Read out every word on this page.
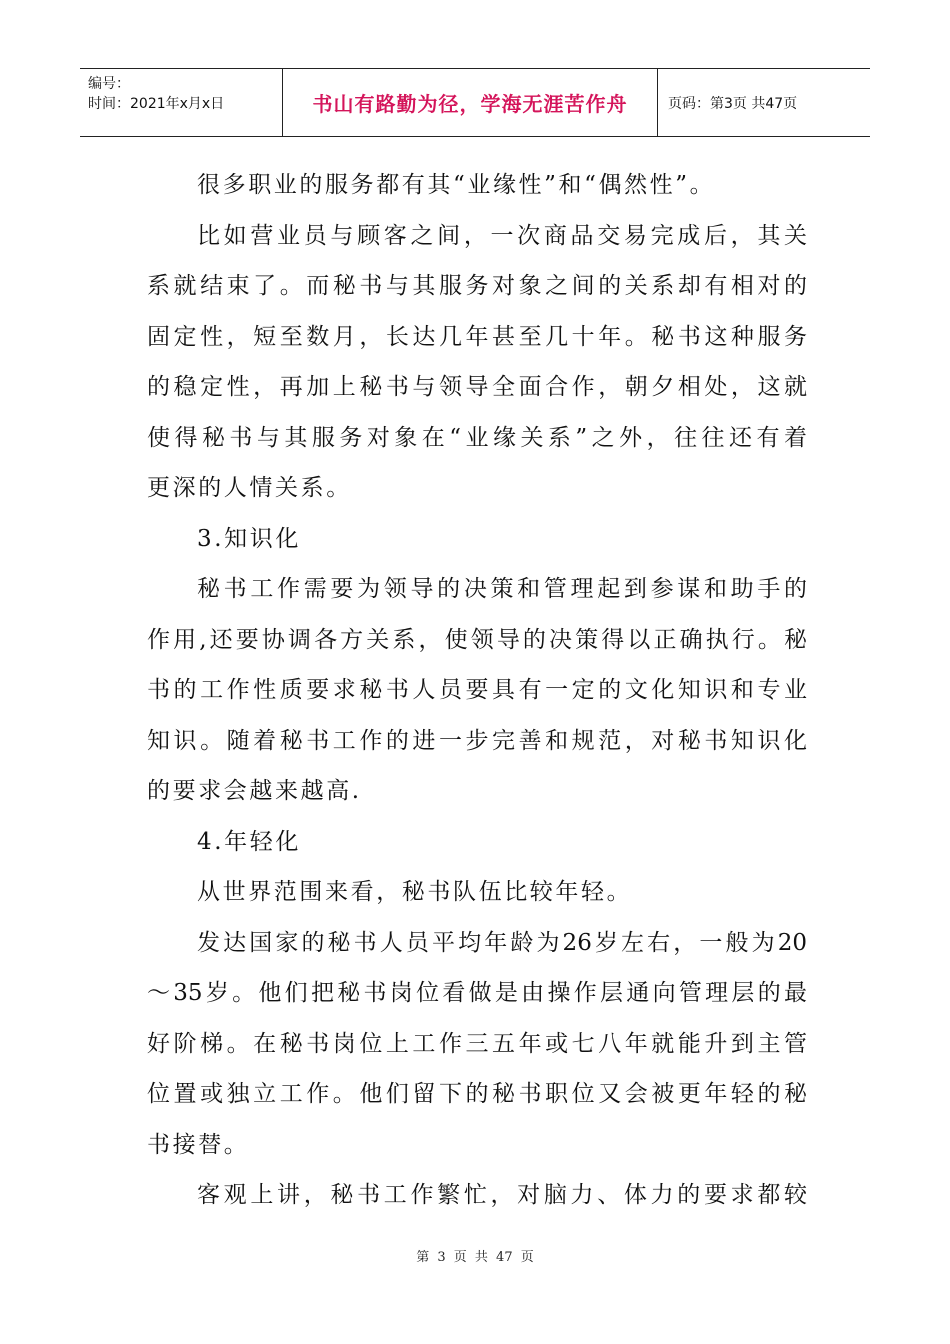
编号：
时间：2021年x月x日	书山有路勤为径，学海无涯苦作舟	页码：第3页 共47页
很多职业的服务都有其“业缘性”和“偶然性”。
比如营业员与顾客之间，一次商品交易完成后，其关
系就结束了。而秘书与其服务对象之间的关系却有相对的
固定性，短至数月，长达几年甚至几十年。秘书这种服务
的稳定性，再加上秘书与领导全面合作，朝夕相处，这就
使得秘书与其服务对象在“业缘关系”之外，往往还有着
更深的人情关系。
3.知识化
秘书工作需要为领导的决策和管理起到参谋和助手的
作用,还要协调各方关系，使领导的决策得以正确执行。秘
书的工作性质要求秘书人员要具有一定的文化知识和专业
知识。随着秘书工作的进一步完善和规范，对秘书知识化
的要求会越来越高.
4.年轻化
从世界范围来看，秘书队伍比较年轻。
发达国家的秘书人员平均年龄为26岁左右，一般为20
～35岁。他们把秘书岗位看做是由操作层通向管理层的最
好阶梯。在秘书岗位上工作三五年或七八年就能升到主管
位置或独立工作。他们留下的秘书职位又会被更年轻的秘
书接替。
客观上讲，秘书工作繁忙，对脑力、体力的要求都较
第 3 页 共 47 页
